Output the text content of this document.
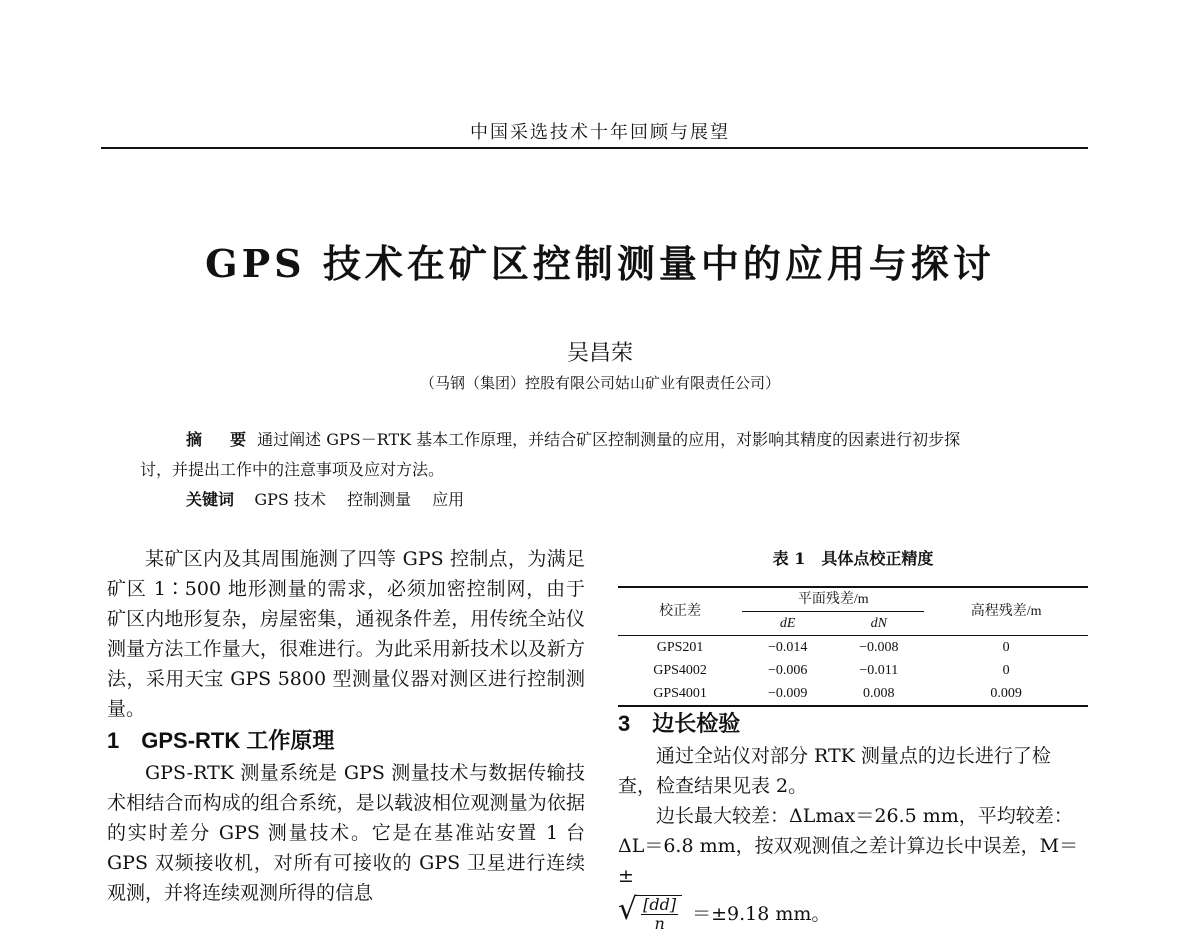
中国采选技术十年回顾与展望
GPS 技术在矿区控制测量中的应用与探讨
吴昌荣
（马钢（集团）控股有限公司姑山矿业有限责任公司）

摘　要 通过阐述 GPS－RTK 基本工作原理，并结合矿区控制测量的应用，对影响其精度的因素进行初步探

讨，并提出工作中的注意事项及应对方法。

关键词 GPS 技术 控制测量 应用

某矿区内及其周围施测了四等 GPS 控制点，为满足矿区 1∶500 地形测量的需求，必须加密控制网，由于矿区内地形复杂，房屋密集，通视条件差，用传统全站仪测量方法工作量大，很难进行。为此采用新技术以及新方法，采用天宝 GPS 5800 型测量仪器对测区进行控制测量。

1　GPS-RTK 工作原理

GPS-RTK 测量系统是 GPS 测量技术与数据传输技术相结合而构成的组合系统，是以载波相位观测量为依据的实时差分 GPS 测量技术。它是在基准站安置 1 台 GPS 双频接收机，对所有可接收的 GPS 卫星进行连续观测，并将连续观测所得的信息

表 1　具体点校正精度
校正差	平面残差/m		高程残差/m
	dE	dN	
GPS201	−0.014	−0.008	0
GPS4002	−0.006	−0.011	0
GPS4001	−0.009	0.008	0.009

3　边长检验

通过全站仪对部分 RTK 测量点的边长进行了检查，检查结果见表 2。

边长最大较差：ΔLmax＝26.5 mm，平均较差：ΔL＝6.8 mm，按双观测值之差计算边长中误差，M＝±

√ $\frac{[dd]}{n} =\pm 9.18$ mm。
